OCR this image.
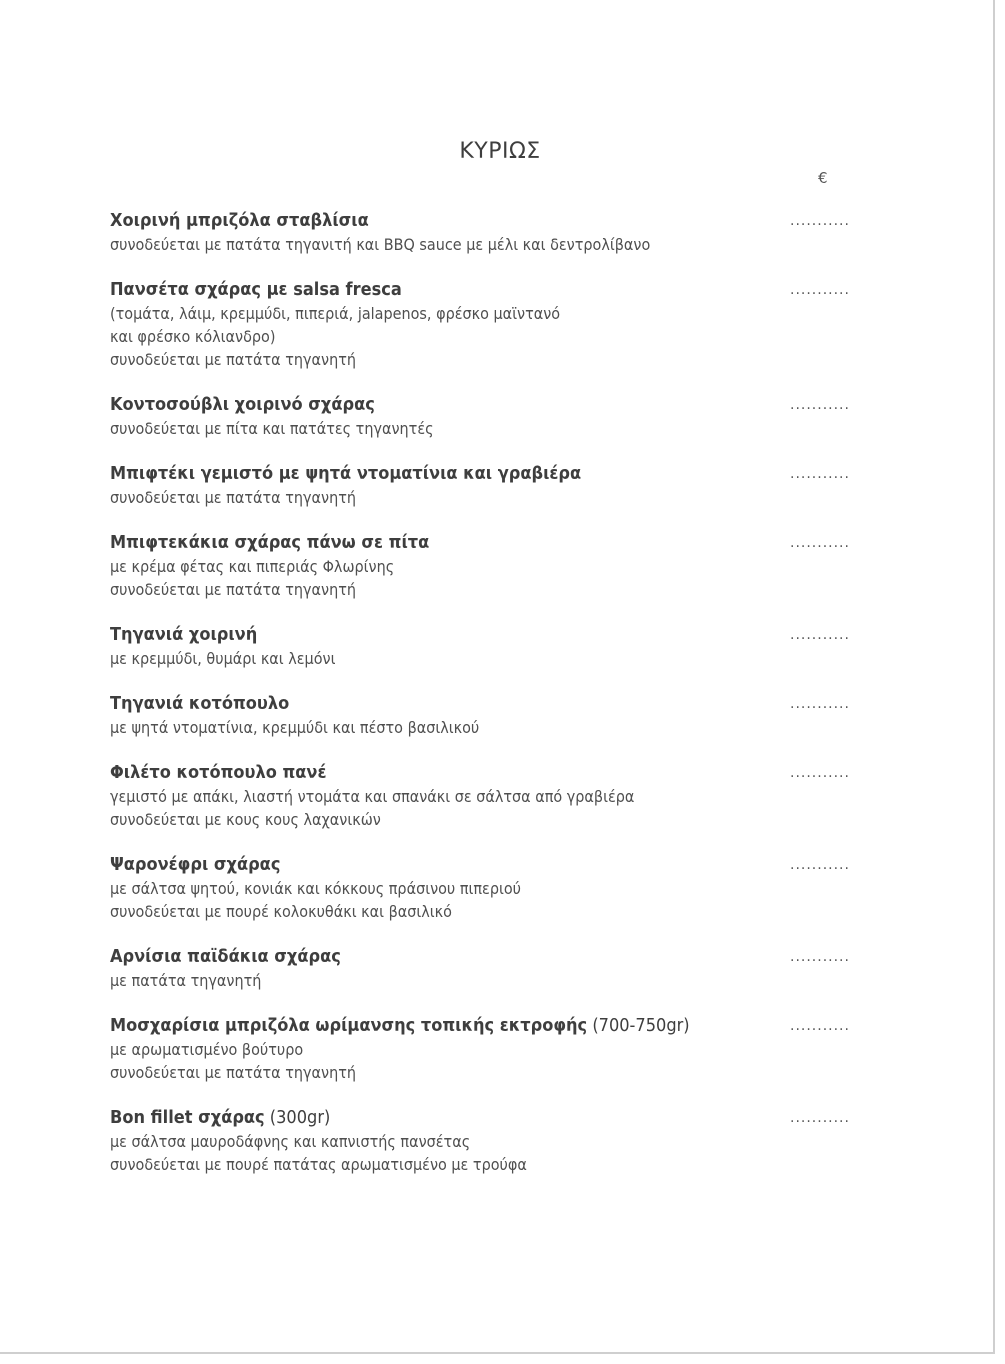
ΚΥΡΙΩΣ
€
Χοιρινή μπριζόλα σταβλίσια
συνοδεύεται με πατάτα τηγανιτή και BBQ sauce με μέλι και δεντρολίβανο
...........
Πανσέτα σχάρας με salsa fresca
(τομάτα, λάιμ, κρεμμύδι, πιπεριά, jalapenos, φρέσκο μαϊντανό
και φρέσκο κόλιανδρο)
συνοδεύεται με πατάτα τηγανητή
...........
Κοντοσούβλι χοιρινό σχάρας
συνοδεύεται με πίτα και πατάτες τηγανητές
...........
Μπιφτέκι γεμιστό με ψητά ντοματίνια και γραβιέρα
συνοδεύεται με πατάτα τηγανητή
...........
Μπιφτεκάκια σχάρας πάνω σε πίτα
με κρέμα φέτας και πιπεριάς Φλωρίνης
συνοδεύεται με πατάτα τηγανητή
...........
Τηγανιά χοιρινή
με κρεμμύδι, θυμάρι και λεμόνι
...........
Τηγανιά κοτόπουλο
με ψητά ντοματίνια, κρεμμύδι και πέστο βασιλικού
...........
Φιλέτο κοτόπουλο πανέ
γεμιστό με απάκι, λιαστή ντομάτα και σπανάκι σε σάλτσα από γραβιέρα
συνοδεύεται με κους κους λαχανικών
...........
Ψαρονέφρι σχάρας
με σάλτσα ψητού, κονιάκ και κόκκους πράσινου πιπεριού
συνοδεύεται με πουρέ κολοκυθάκι και βασιλικό
...........
Αρνίσια παϊδάκια σχάρας
με πατάτα τηγανητή
...........
Μοσχαρίσια μπριζόλα ωρίμανσης τοπικής εκτροφής (700-750gr)
με αρωματισμένο βούτυρο
συνοδεύεται με πατάτα τηγανητή
...........
Bon fillet σχάρας (300gr)
με σάλτσα μαυροδάφνης και καπνιστής πανσέτας
συνοδεύεται με πουρέ πατάτας αρωματισμένο με τρούφα
...........
